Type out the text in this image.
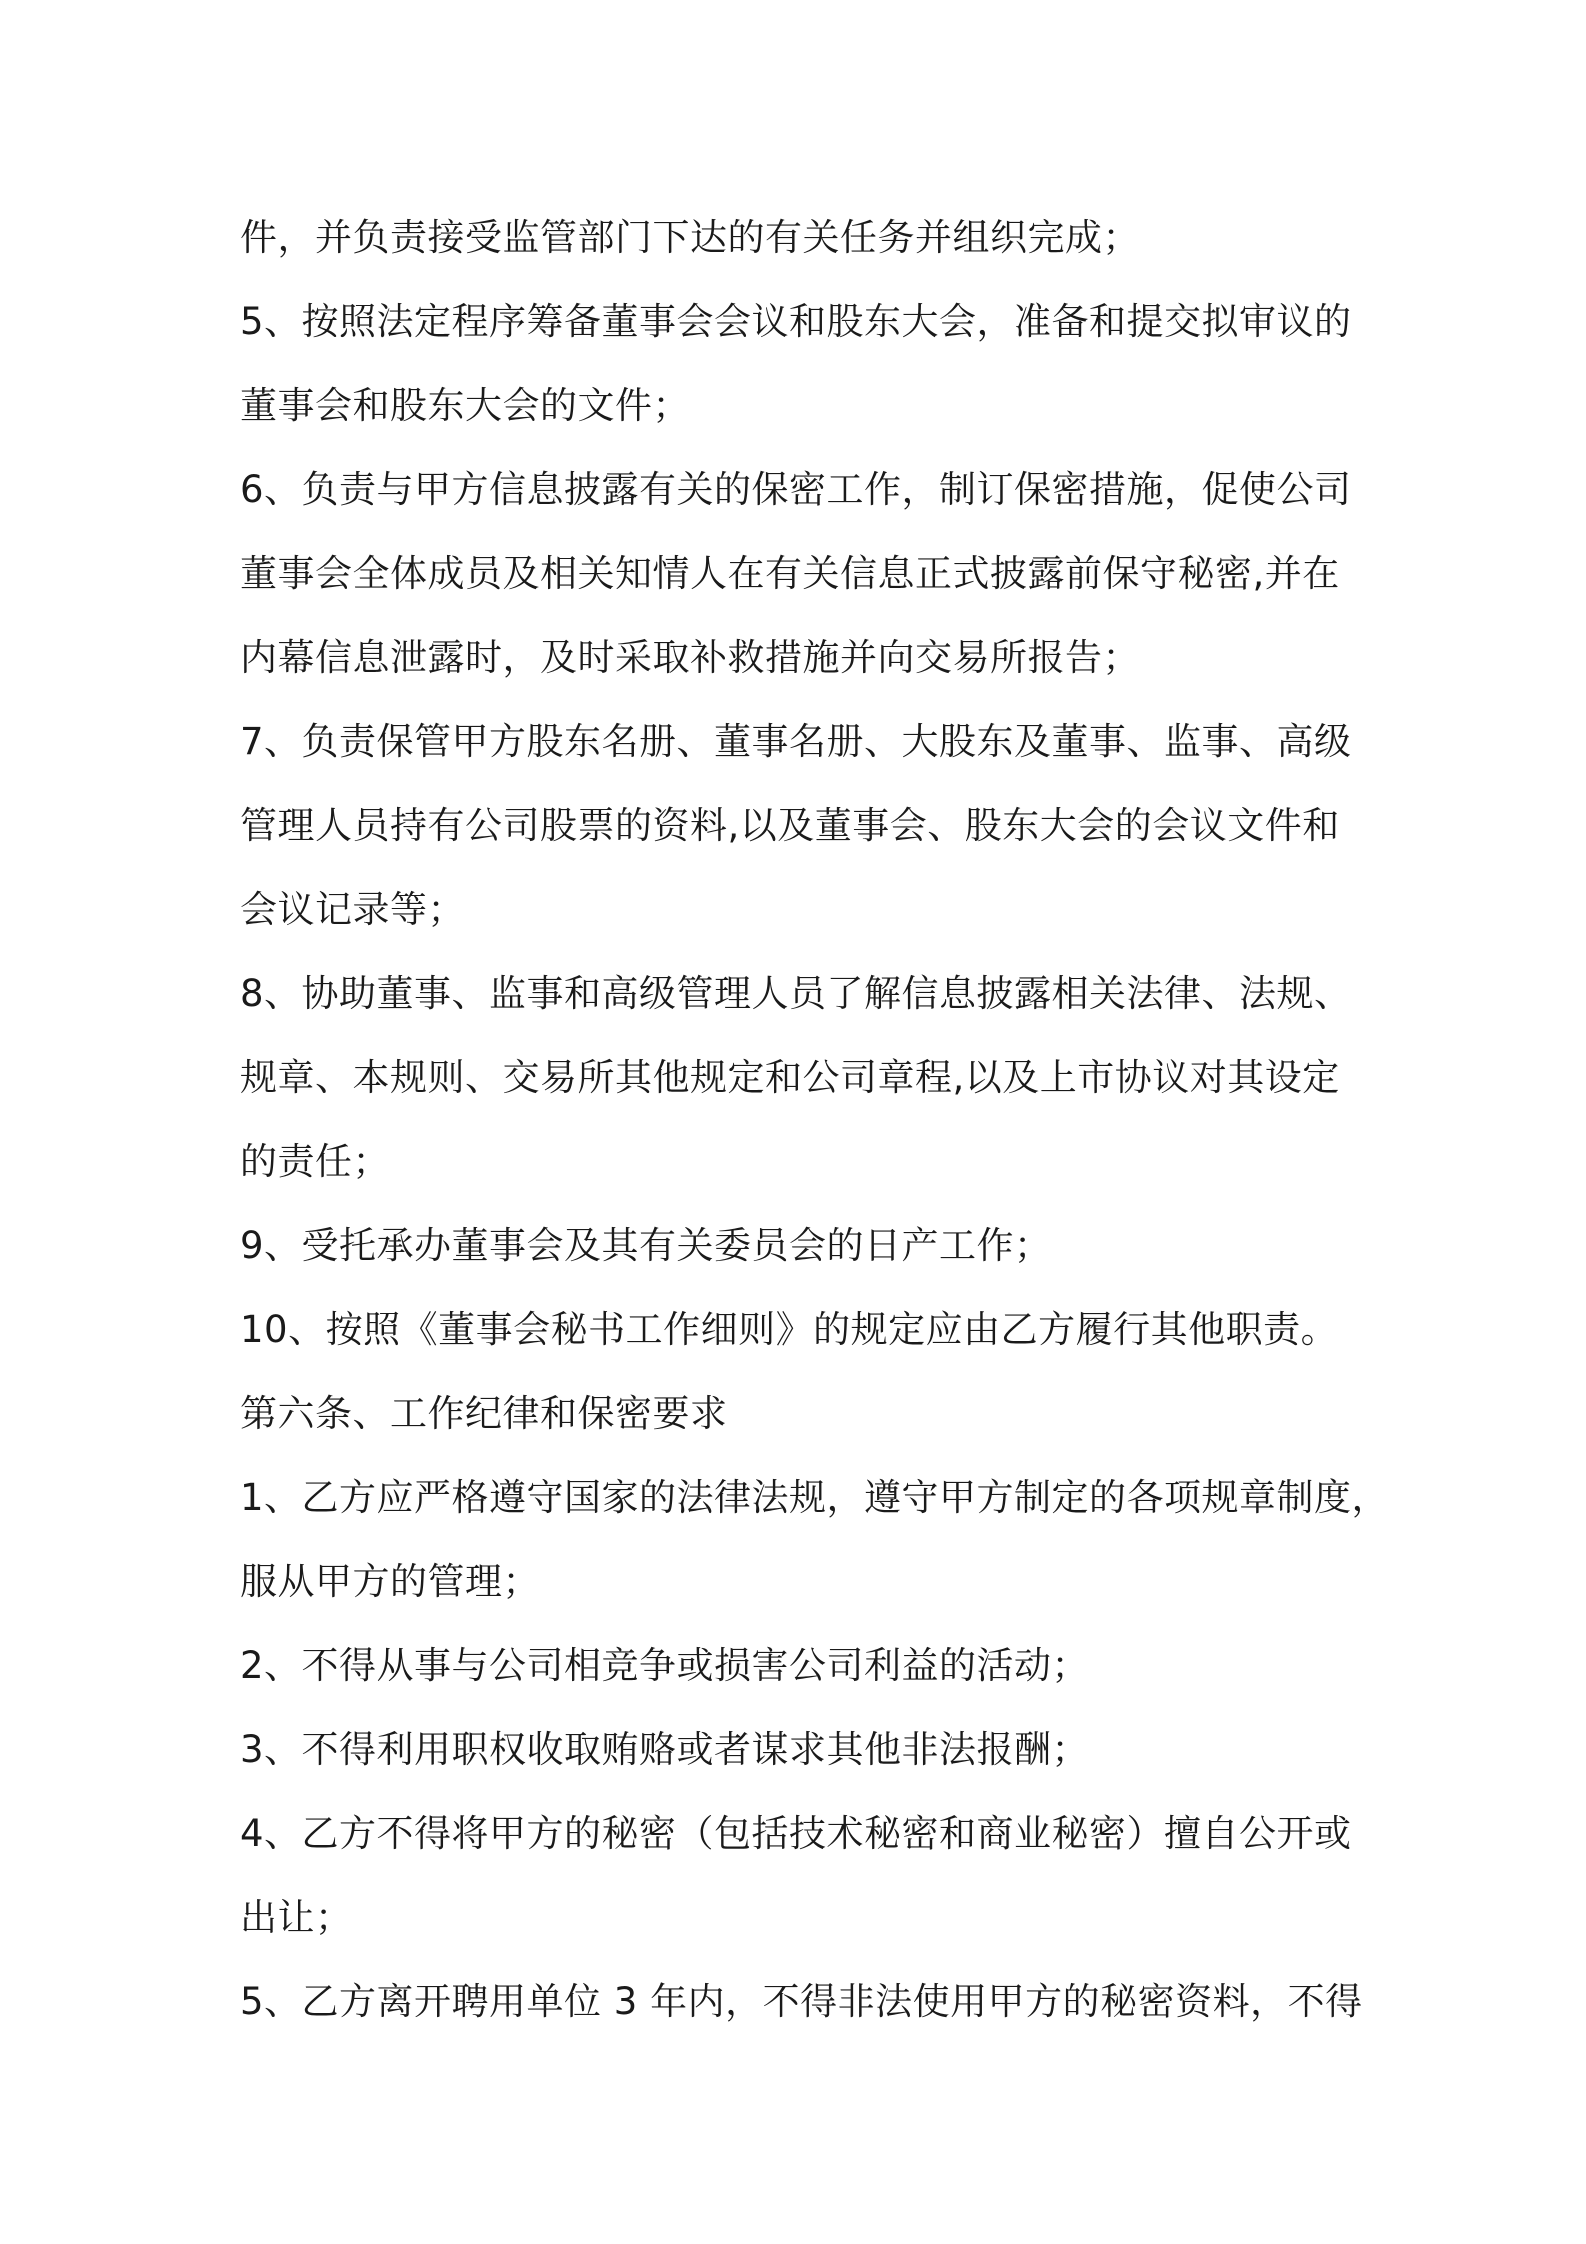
件，并负责接受监管部门下达的有关任务并组织完成；
5、按照法定程序筹备董事会会议和股东大会，准备和提交拟审议的
董事会和股东大会的文件；
6、负责与甲方信息披露有关的保密工作，制订保密措施，促使公司
董事会全体成员及相关知情人在有关信息正式披露前保守秘密,并在
内幕信息泄露时，及时采取补救措施并向交易所报告；
7、负责保管甲方股东名册、董事名册、大股东及董事、监事、高级
管理人员持有公司股票的资料,以及董事会、股东大会的会议文件和
会议记录等；
8、协助董事、监事和高级管理人员了解信息披露相关法律、法规、
规章、本规则、交易所其他规定和公司章程,以及上市协议对其设定
的责任；
9、受托承办董事会及其有关委员会的日产工作；
10、按照《董事会秘书工作细则》的规定应由乙方履行其他职责。
第六条、工作纪律和保密要求
1、乙方应严格遵守国家的法律法规，遵守甲方制定的各项规章制度，
服从甲方的管理；
2、不得从事与公司相竞争或损害公司利益的活动；
3、不得利用职权收取贿赂或者谋求其他非法报酬；
4、乙方不得将甲方的秘密（包括技术秘密和商业秘密）擅自公开或
出让；
5、乙方离开聘用单位 3 年内，不得非法使用甲方的秘密资料，不得
